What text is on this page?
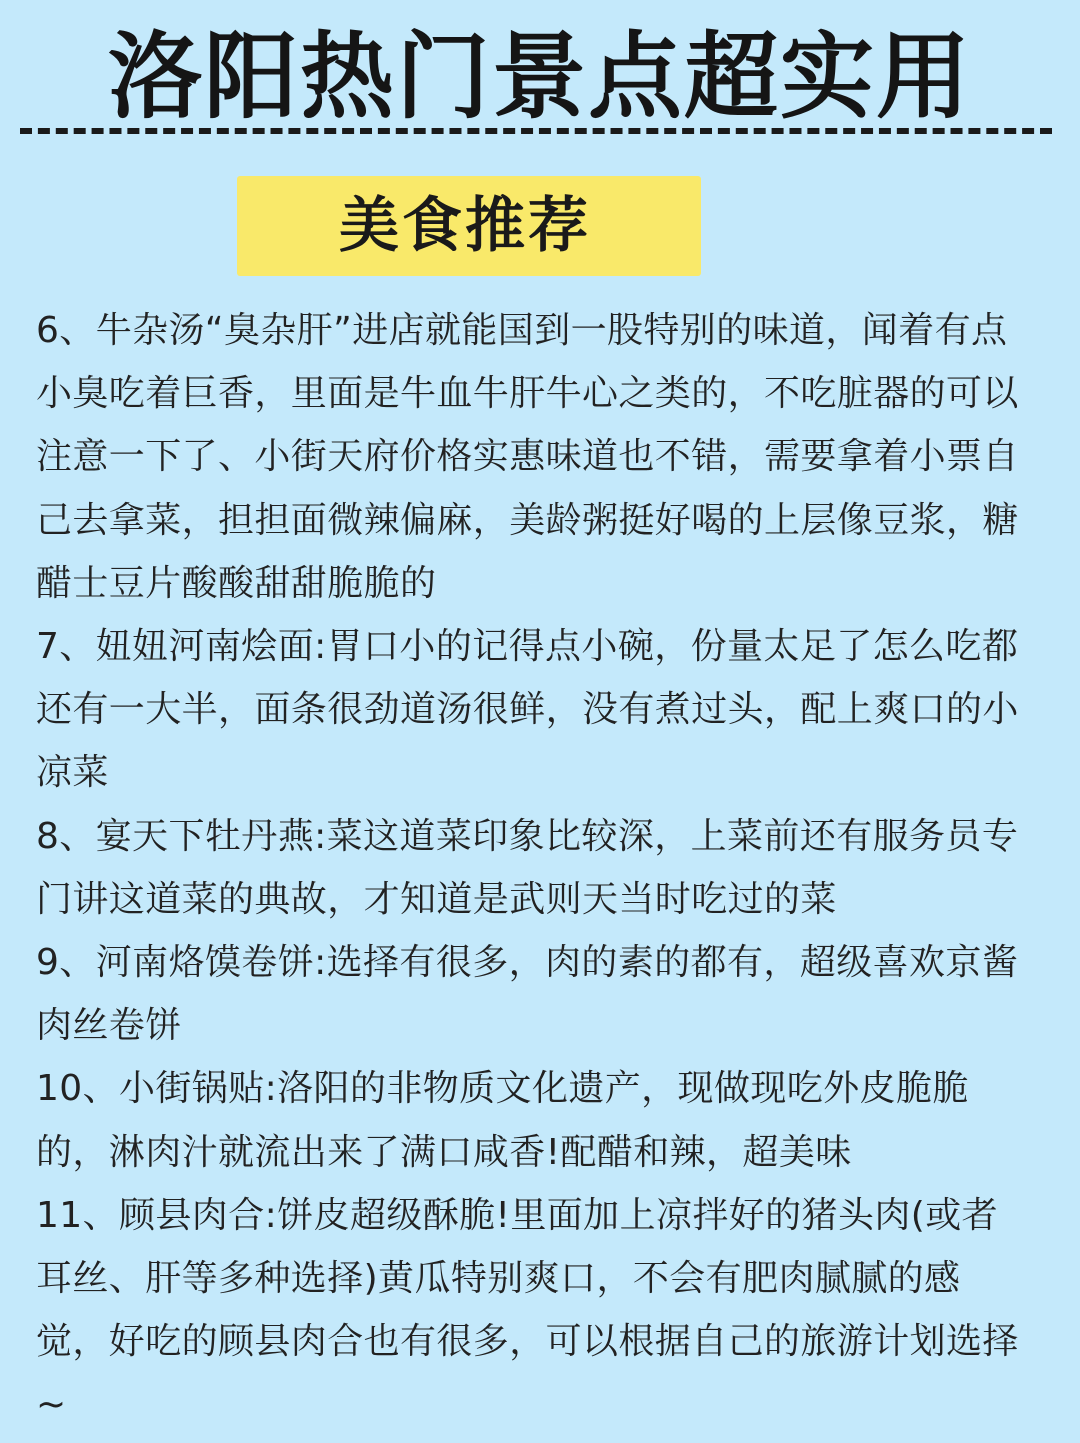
洛阳热门景点超实用
美食推荐

6、牛杂汤“臭杂肝”进店就能国到一股特别的味道，闻着有点小臭吃着巨香，里面是牛血牛肝牛心之类的，不吃脏器的可以注意一下了、小街天府价格实惠味道也不错，需要拿着小票自己去拿菜，担担面微辣偏麻，美龄粥挺好喝的上层像豆浆，糖醋士豆片酸酸甜甜脆脆的

7、妞妞河南烩面:胃口小的记得点小碗，份量太足了怎么吃都还有一大半，面条很劲道汤很鲜，没有煮过头，配上爽口的小凉菜

8、宴天下牡丹燕:菜这道菜印象比较深，上菜前还有服务员专门讲这道菜的典故，才知道是武则天当时吃过的菜

9、河南烙馍卷饼:选择有很多，肉的素的都有，超级喜欢京酱肉丝卷饼

10、小街锅贴:洛阳的非物质文化遗产，现做现吃外皮脆脆的，淋肉汁就流出来了满口咸香!配醋和辣，超美味

11、顾县肉合:饼皮超级酥脆!里面加上凉拌好的猪头肉(或者耳丝、肝等多种选择)黄瓜特别爽口，不会有肥肉腻腻的感觉，好吃的顾县肉合也有很多，可以根据自己的旅游计划选择~
